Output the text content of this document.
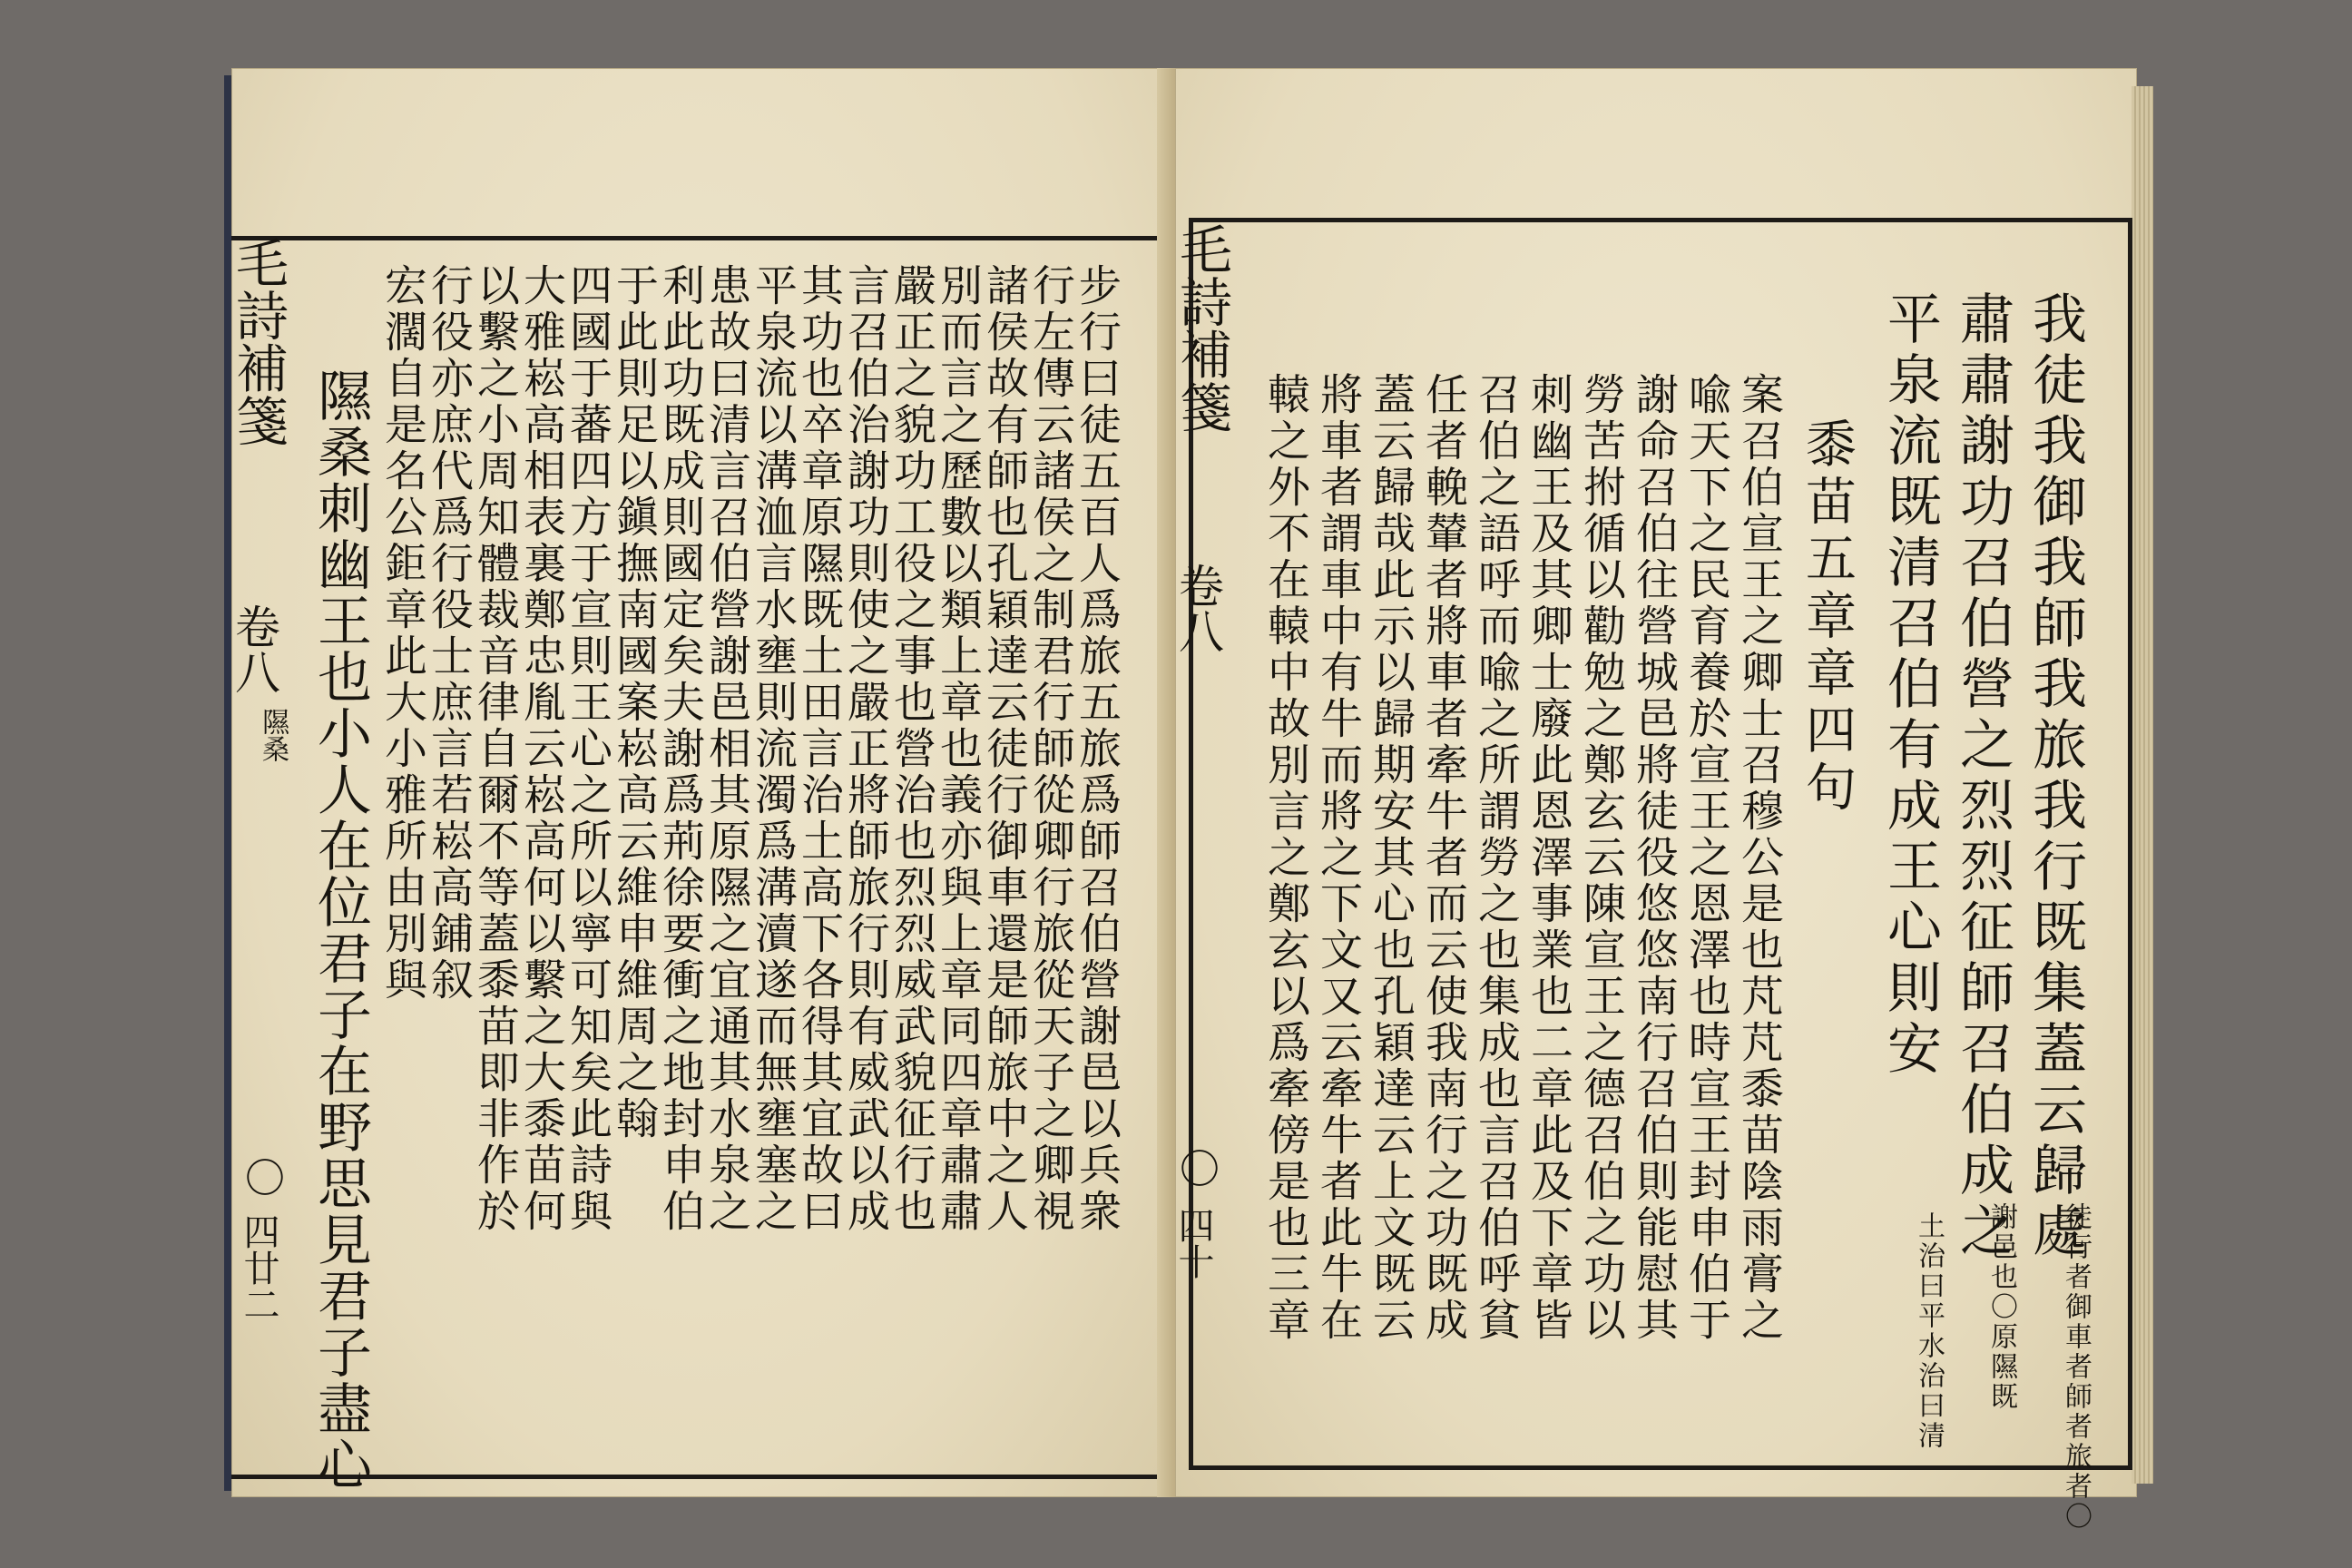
毛詩補箋
卷八
隰桑
〇
四廿二
步行曰徒五百人爲旅五旅爲師召伯營謝邑以兵衆
行左傳云諸侯之制君行師從卿行旅從天子之卿視
諸侯故有師也孔穎達云徒行御車還是師旅中之人
別而言之歷數以類上章也義亦與上章同四章肅肅
嚴正之貌功工役之事也營治也烈烈威武貌征行也
言召伯治謝功則使之嚴正將師旅行則有威武以成
其功也卒章原隰既土田言治土高下各得其宜故曰
平泉流以溝洫言水壅則流濁爲溝瀆遂而無壅塞之
患故曰清言召伯營謝邑相其原隰之宜通其水泉之
利此功既成則國定矣夫謝爲荊徐要衝之地封申伯
于此則足以鎭撫南國案崧高云維申維周之翰
四國于蕃四方于宣則王心之所以寧可知矣此詩與
大雅崧高相表裏鄭忠胤云崧高何以繫之大黍苗何
以繫之小周知體裁音律自爾不等蓋黍苗即非作於
行役亦庶代爲行役士庶言若崧高鋪叙
宏濶自是名公鉅章此大小雅所由別與
隰桑刺幽王也小人在位君子在野思見君子盡心
毛詩補箋
卷八
〇
四十	我徒我御我師我旅我行既集蓋云歸處
徒行者御車者師者旅者〇
肅肅謝功召伯營之烈烈征師召伯成之
謝邑也〇原隰既
平泉流既清召伯有成王心則安
土治曰平水治曰清
黍苗五章章四句
案召伯宣王之卿士召穆公是也芃芃黍苗陰雨膏之
喩天下之民育養於宣王之恩澤也時宣王封申伯于
謝命召伯往營城邑將徒役悠悠南行召伯則能慰其
勞苦拊循以勸勉之鄭玄云陳宣王之德召伯之功以
刺幽王及其卿士廢此恩澤事業也二章此及下章皆
召伯之語呼而喩之所謂勞之也集成也言召伯呼貧
任者輓輦者將車者牽牛者而云使我南行之功既成
蓋云歸哉此示以歸期安其心也孔穎達云上文既云
將車者謂車中有牛而將之下文又云牽牛者此牛在
轅之外不在轅中故別言之鄭玄以爲牽傍是也三章
